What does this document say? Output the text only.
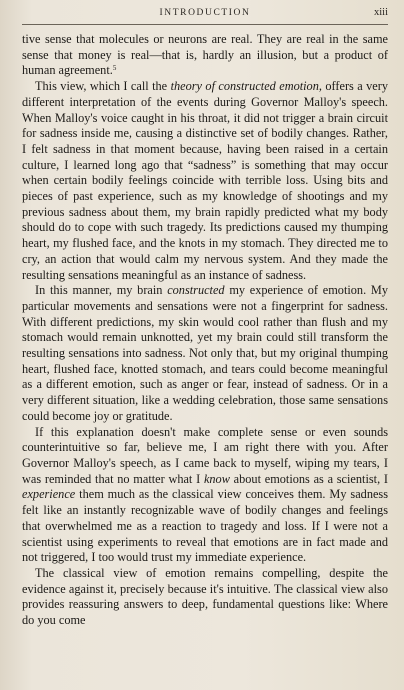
INTRODUCTION	xiii

tive sense that molecules or neurons are real. They are real in the same sense that money is real—that is, hardly an illusion, but a product of human agreement.$^5$

This view, which I call the theory of constructed emotion, offers a very different interpretation of the events during Governor Malloy's speech. When Malloy's voice caught in his throat, it did not trigger a brain circuit for sadness inside me, causing a distinctive set of bodily changes. Rather, I felt sadness in that moment because, having been raised in a certain culture, I learned long ago that “sadness” is something that may occur when certain bodily feelings coincide with terrible loss. Using bits and pieces of past experience, such as my knowledge of shootings and my previous sadness about them, my brain rapidly predicted what my body should do to cope with such tragedy. Its predictions caused my thumping heart, my flushed face, and the knots in my stomach. They directed me to cry, an action that would calm my nervous system. And they made the resulting sensations meaningful as an instance of sadness.

In this manner, my brain constructed my experience of emotion. My particular movements and sensations were not a fingerprint for sadness. With different predictions, my skin would cool rather than flush and my stomach would remain unknotted, yet my brain could still transform the resulting sensations into sadness. Not only that, but my original thumping heart, flushed face, knotted stomach, and tears could become meaningful as a different emotion, such as anger or fear, instead of sadness. Or in a very different situation, like a wedding celebration, those same sensations could become joy or gratitude.

If this explanation doesn't make complete sense or even sounds counterintuitive so far, believe me, I am right there with you. After Governor Malloy's speech, as I came back to myself, wiping my tears, I was reminded that no matter what I know about emotions as a scientist, I experience them much as the classical view conceives them. My sadness felt like an instantly recognizable wave of bodily changes and feelings that overwhelmed me as a reaction to tragedy and loss. If I were not a scientist using experiments to reveal that emotions are in fact made and not triggered, I too would trust my immediate experience.

The classical view of emotion remains compelling, despite the evidence against it, precisely because it's intuitive. The classical view also provides reassuring answers to deep, fundamental questions like: Where do you come
